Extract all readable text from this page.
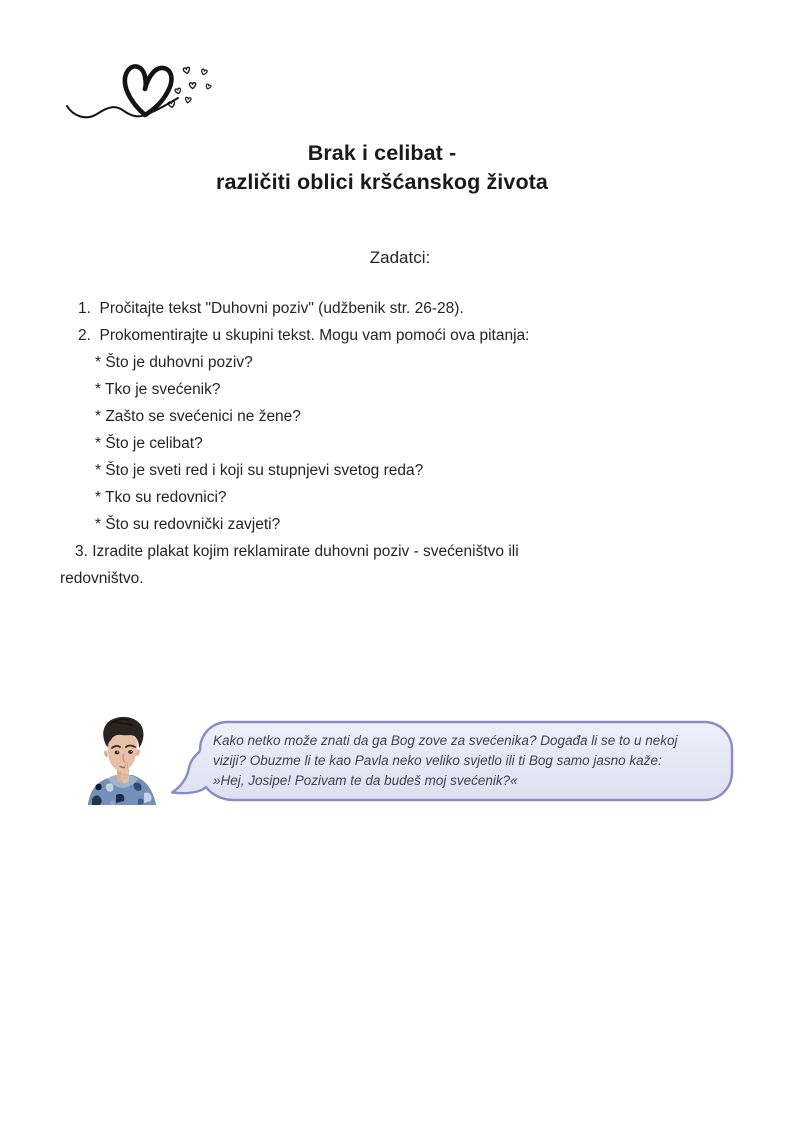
Brak i celibat -
različiti oblici kršćanskog života
Zadatci:
1.  Pročitajte tekst "Duhovni poziv" (udžbenik str. 26-28).
2.  Prokomentirajte u skupini tekst. Mogu vam pomoći ova pitanja:
* Što je duhovni poziv?
* Tko je svećenik?
* Zašto se svećenici ne žene?
* Što je celibat?
* Što je sveti red i koji su stupnjevi svetog reda?
* Tko su redovnici?
* Što su redovnički zavjeti?
3. Izradite plakat kojim reklamirate duhovni poziv - svećeništvo ili
redovništvo.
Kako netko može znati da ga Bog zove za svećenika? Događa li se to u nekoj
viziji? Obuzme li te kao Pavla neko veliko svjetlo ili ti Bog samo jasno kaže:
»Hej, Josipe! Pozivam te da budeš moj svećenik?«
